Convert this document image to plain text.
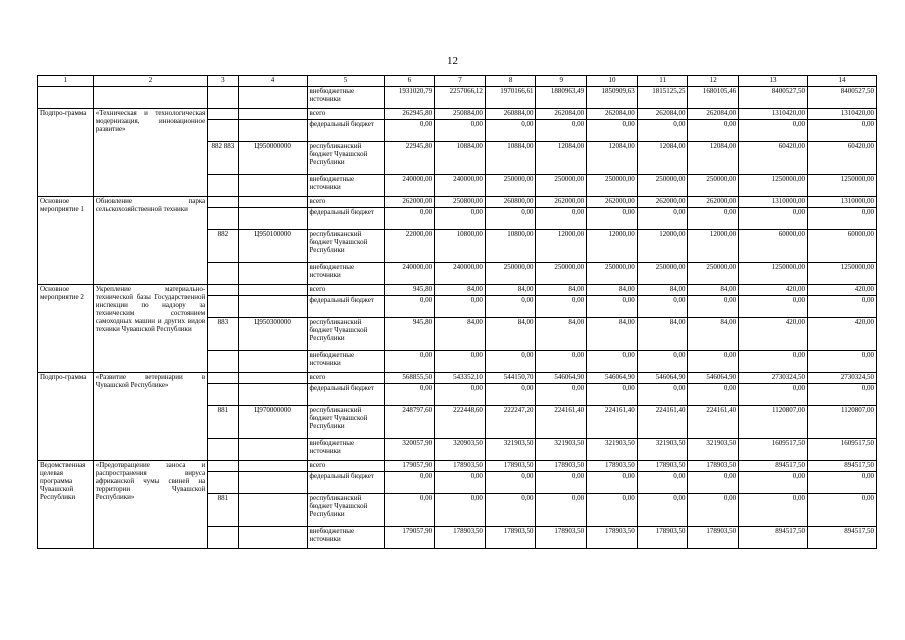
12
1	2	3	4	5	6	7	8	9	10	11	12	13	14
				внебюджетные источники	1931020,79	2257066,12	1970166,61	1880963,49	1850909,63	1815125,25	1680105,46	8400527,50	8400527,50
Подпро-грамма	«Техническая и технологическая модернизация, инновационное развитие»			всего	262945,80	250884,00	260884,00	262084,00	262084,00	262084,00	262084,00	1310420,00	1310420,00
				федеральный бюджет	0,00	0,00	0,00	0,00	0,00	0,00	0,00	0,00	0,00
		882 883	Ц950000000	республиканский бюджет Чувашской Республики	22945,80	10884,00	10884,00	12084,00	12084,00	12084,00	12084,00	60420,00	60420,00
				внебюджетные источники	240000,00	240000,00	250000,00	250000,00	250000,00	250000,00	250000,00	1250000,00	1250000,00
Основное мероприятие 1	Обновление парка сельскохозяйственной техники			всего	262000,00	250800,00	260800,00	262000,00	262000,00	262000,00	262000,00	1310000,00	1310000,00
				федеральный бюджет	0,00	0,00	0,00	0,00	0,00	0,00	0,00	0,00	0,00
		882	Ц950100000	республиканский бюджет Чувашской Республики	22000,00	10800,00	10800,00	12000,00	12000,00	12000,00	12000,00	60000,00	60000,00
				внебюджетные источники	240000,00	240000,00	250000,00	250000,00	250000,00	250000,00	250000,00	1250000,00	1250000,00
Основное мероприятие 2	Укрепление материально-технической базы Государственной инспекции по надзору за техническим состоянием самоходных машин и других видов техники Чувашской Республики			всего	945,80	84,00	84,00	84,00	84,00	84,00	84,00	420,00	420,00
				федеральный бюджет	0,00	0,00	0,00	0,00	0,00	0,00	0,00	0,00	0,00
		883	Ц950300000	республиканский бюджет Чувашской Республики	945,80	84,00	84,00	84,00	84,00	84,00	84,00	420,00	420,00
				внебюджетные источники	0,00	0,00	0,00	0,00	0,00	0,00	0,00	0,00	0,00
Подпро-грамма	«Развитие ветеринарии в Чувашской Республике»			всего	568855,50	543352,10	544150,70	546064,90	546064,90	546064,90	546064,90	2730324,50	2730324,50
				федеральный бюджет	0,00	0,00	0,00	0,00	0,00	0,00	0,00	0,00	0,00
		881	Ц970000000	республиканский бюджет Чувашской Республики	248797,60	222448,60	222247,20	224161,40	224161,40	224161,40	224161,40	1120807,00	1120807,00
				внебюджетные источники	320057,90	320903,50	321903,50	321903,50	321903,50	321903,50	321903,50	1609517,50	1609517,50
Ведомственная целевая программа Чувашской Республики	«Предотвращение заноса и распространения вируса африканской чумы свиней на территории Чувашской Республики»			всего	179057,90	178903,50	178903,50	178903,50	178903,50	178903,50	178903,50	894517,50	894517,50
				федеральный бюджет	0,00	0,00	0,00	0,00	0,00	0,00	0,00	0,00	0,00
		881		республиканский бюджет Чувашской Республики	0,00	0,00	0,00	0,00	0,00	0,00	0,00	0,00	0,00
				внебюджетные источники	179057,90	178903,50	178903,50	178903,50	178903,50	178903,50	178903,50	894517,50	894517,50
